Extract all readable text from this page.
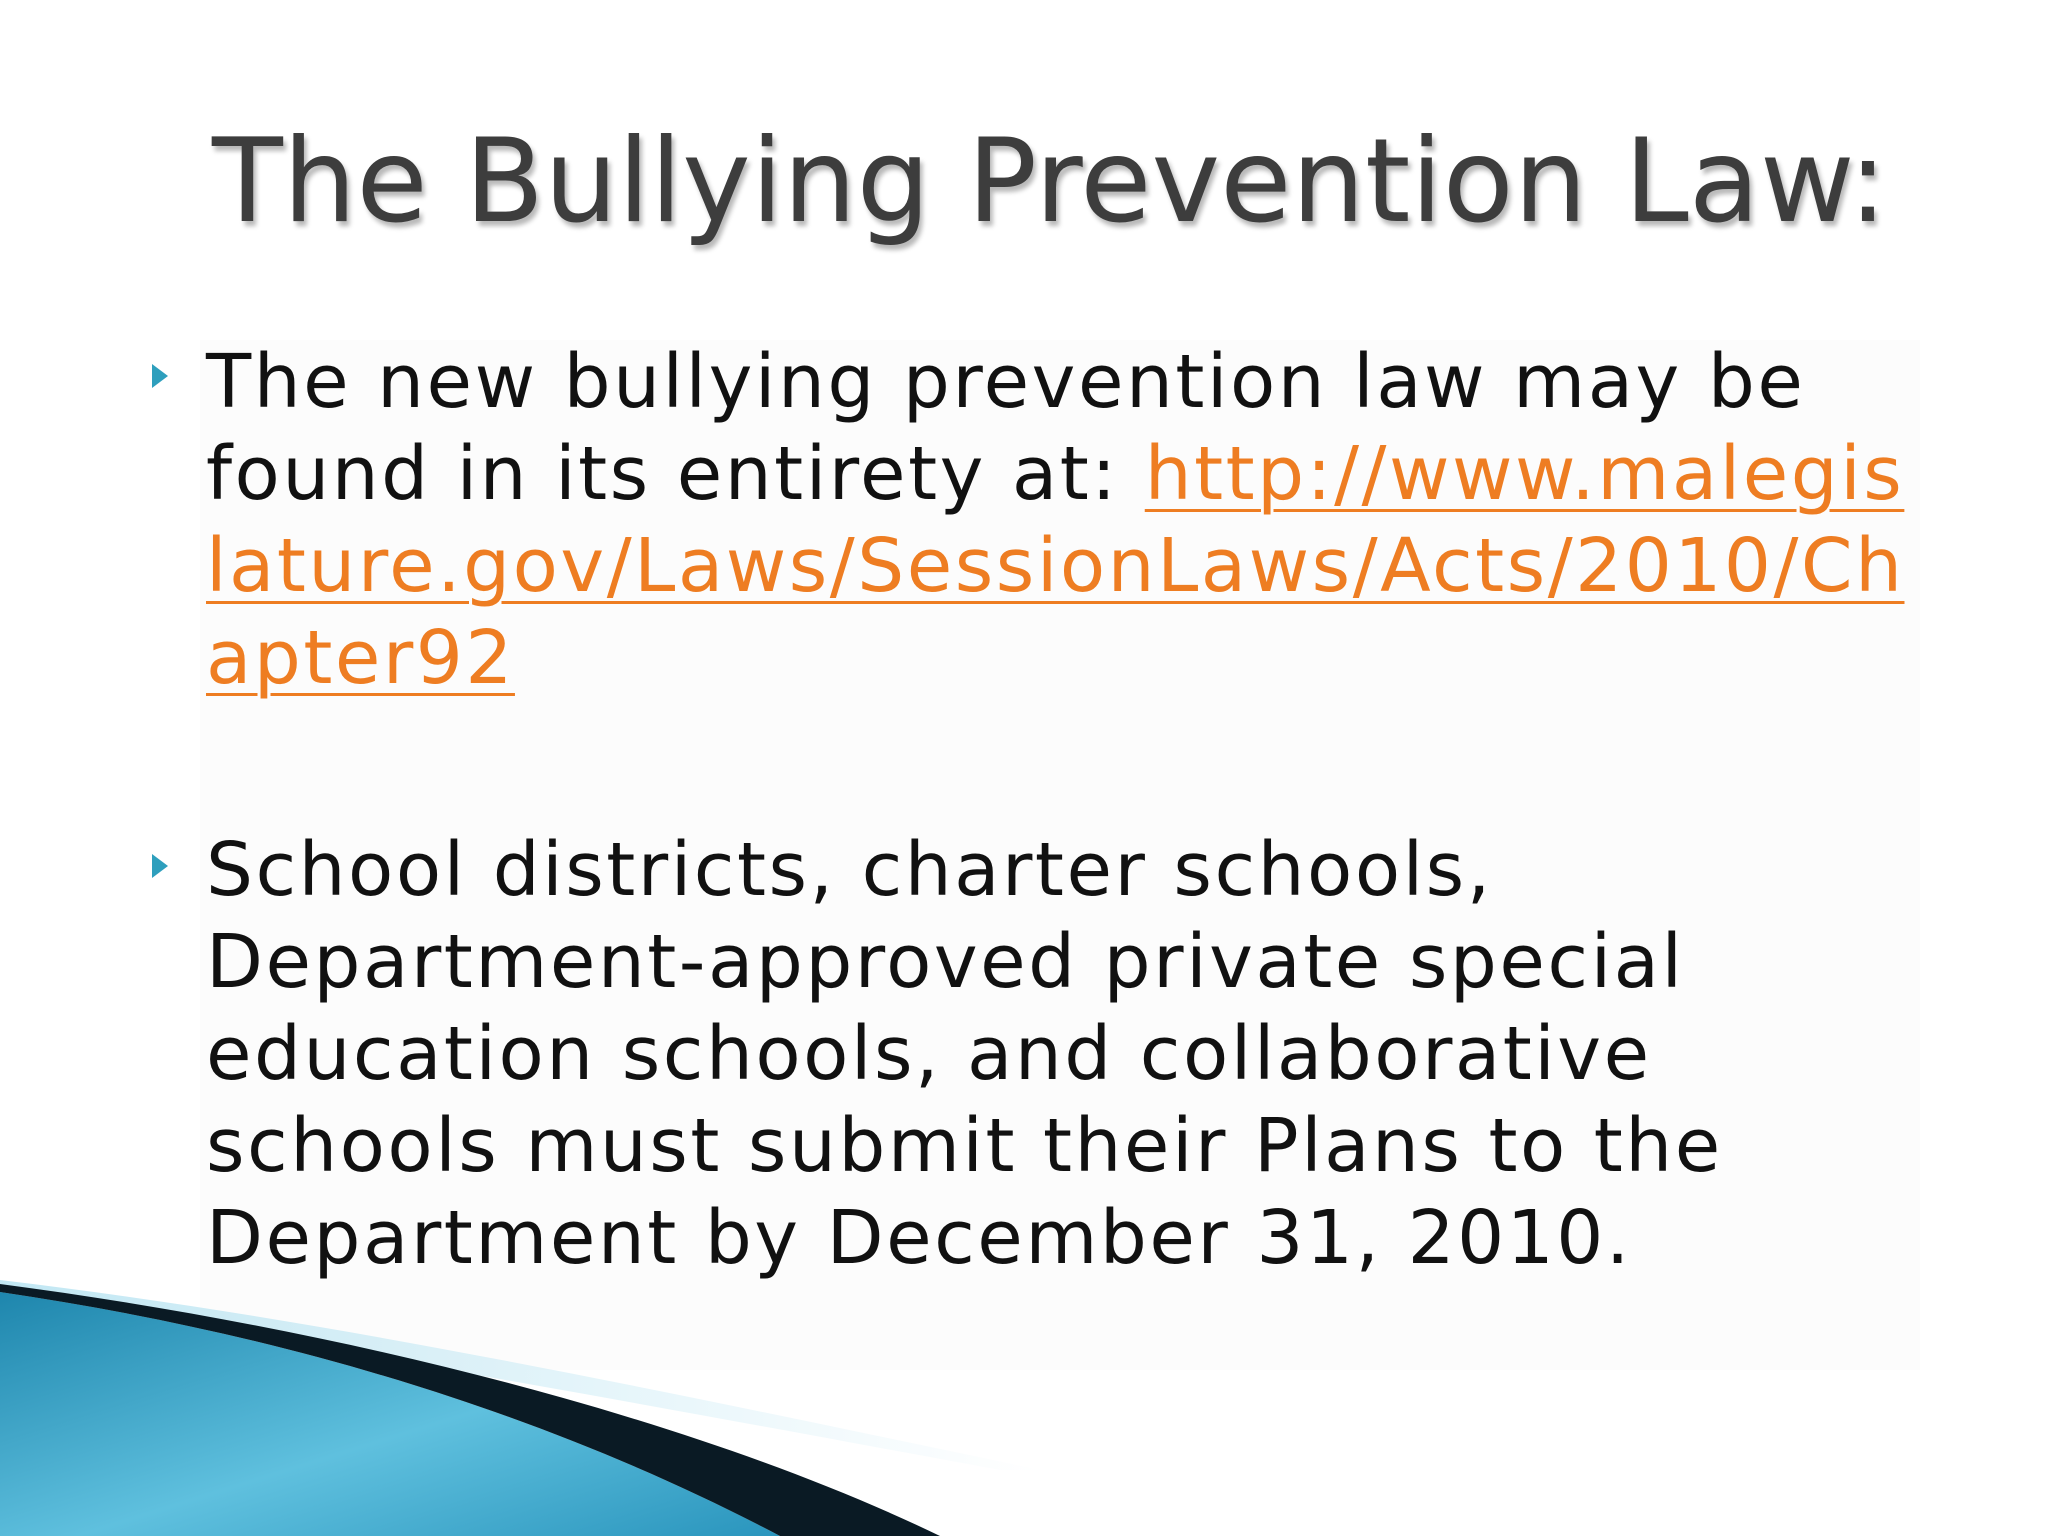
The Bullying Prevention Law:

The new bullying prevention law may be found in its entirety at: http://www.malegislature.gov/Laws/SessionLaws/Acts/2010/Chapter92

School districts, charter schools, Department-approved private special education schools, and collaborative schools must submit their Plans to the Department by December 31, 2010.
